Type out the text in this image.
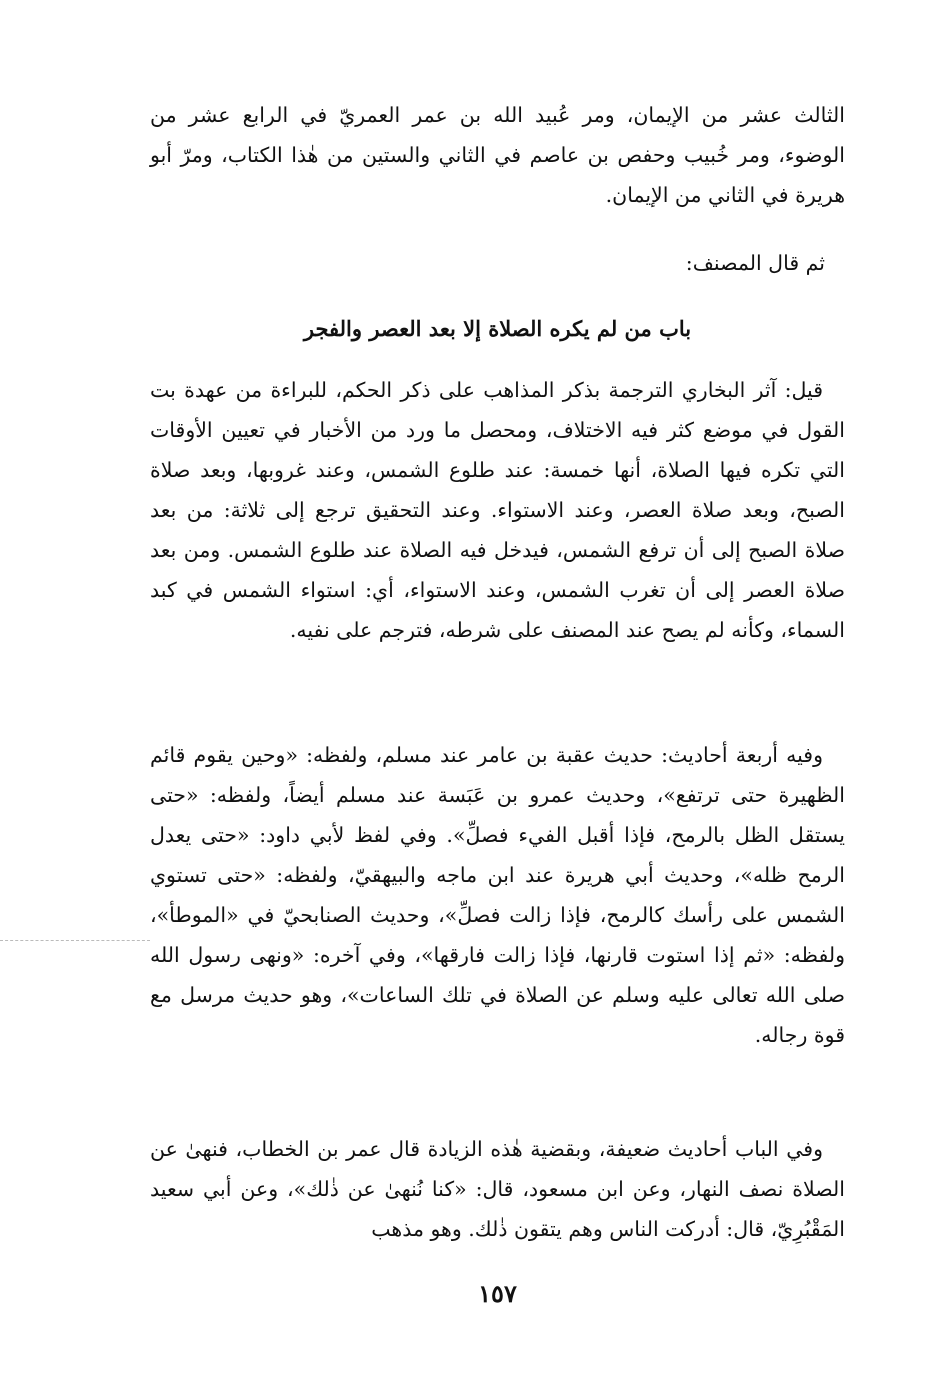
الثالث عشر من الإيمان، ومر عُبيد الله بن عمر العمريّ في الرابع عشر من الوضوء، ومر خُبيب وحفص بن عاصم في الثاني والستين من هٰذا الكتاب، ومرّ أبو هريرة في الثاني من الإيمان.

ثم قال المصنف:

باب من لم يكره الصلاة إلا بعد العصر والفجر

قيل: آثر البخاري الترجمة بذكر المذاهب على ذكر الحكم، للبراءة من عهدة بت القول في موضع كثر فيه الاختلاف، ومحصل ما ورد من الأخبار في تعيين الأوقات التي تكره فيها الصلاة، أنها خمسة: عند طلوع الشمس، وعند غروبها، وبعد صلاة الصبح، وبعد صلاة العصر، وعند الاستواء. وعند التحقيق ترجع إلى ثلاثة: من بعد صلاة الصبح إلى أن ترفع الشمس، فيدخل فيه الصلاة عند طلوع الشمس. ومن بعد صلاة العصر إلى أن تغرب الشمس، وعند الاستواء، أي: استواء الشمس في كبد السماء، وكأنه لم يصح عند المصنف على شرطه، فترجم على نفيه.

وفيه أربعة أحاديث: حديث عقبة بن عامر عند مسلم، ولفظه: «وحين يقوم قائم الظهيرة حتى ترتفع»، وحديث عمرو بن عَبَسة عند مسلم أيضاً، ولفظه: «حتى يستقل الظل بالرمح، فإذا أقبل الفيء فصلِّ». وفي لفظ لأبي داود: «حتى يعدل الرمح ظله»، وحديث أبي هريرة عند ابن ماجه والبيهقيّ، ولفظه: «حتى تستوي الشمس على رأسك كالرمح، فإذا زالت فصلِّ»، وحديث الصنابحيّ في «الموطأ»، ولفظه: «ثم إذا استوت قارنها، فإذا زالت فارقها»، وفي آخره: «ونهى رسول الله صلى الله تعالى عليه وسلم عن الصلاة في تلك الساعات»، وهو حديث مرسل مع قوة رجاله.

وفي الباب أحاديث ضعيفة، وبقضية هٰذه الزيادة قال عمر بن الخطاب، فنهىٰ عن الصلاة نصف النهار، وعن ابن مسعود، قال: «كنا نُنهىٰ عن ذٰلك»، وعن أبي سعيد المَقْبُرِيّ، قال: أدركت الناس وهم يتقون ذٰلك. وهو مذهب

١٥٧
